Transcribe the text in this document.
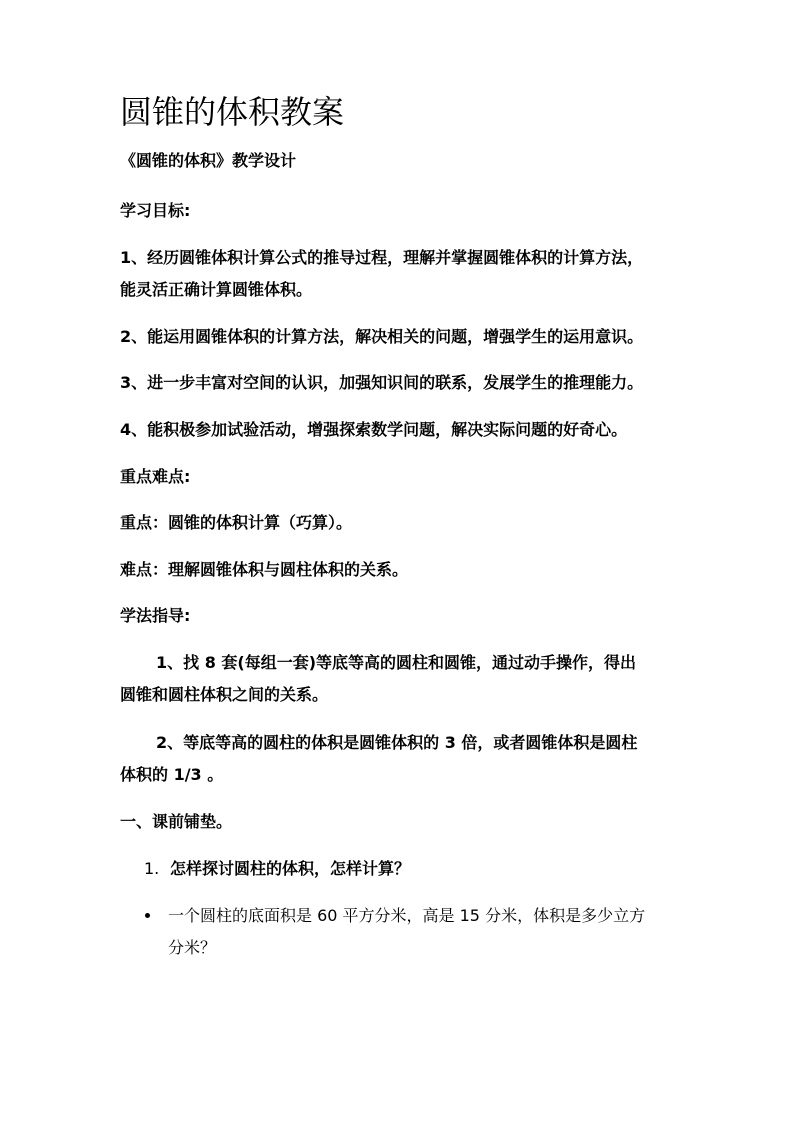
圆锥的体积教案
《圆锥的体积》教学设计
学习目标:
1、经历圆锥体积计算公式的推导过程，理解并掌握圆锥体积的计算方法，
能灵活正确计算圆锥体积。
2、能运用圆锥体积的计算方法，解决相关的问题，增强学生的运用意识。
3、进一步丰富对空间的认识，加强知识间的联系，发展学生的推理能力。
4、能积极参加试验活动，增强探索数学问题，解决实际问题的好奇心。
重点难点:
重点：圆锥的体积计算（巧算）。
难点：理解圆锥体积与圆柱体积的关系。
学法指导:
1、找 8 套(每组一套)等底等高的圆柱和圆锥，通过动手操作，得出
圆锥和圆柱体积之间的关系。
2、等底等高的圆柱的体积是圆锥体积的 3 倍，或者圆锥体积是圆柱
体积的 1/3 。
一、课前铺垫。
1. 怎样探讨圆柱的体积，怎样计算？
一个圆柱的底面积是 60 平方分米，高是 15 分米，体积是多少立方
分米？
